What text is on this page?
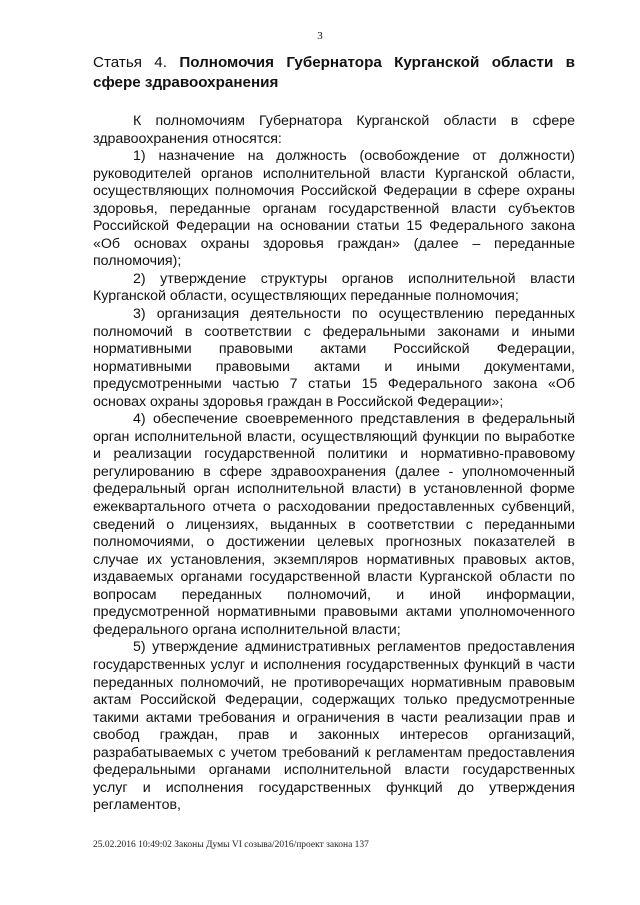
3
Статья 4. Полномочия Губернатора Курганской области в сфере здравоохранения

К полномочиям Губернатора Курганской области в сфере здравоохранения относятся:

1) назначение на должность (освобождение от должности) руководителей органов исполнительной власти Курганской области, осуществляющих полномочия Российской Федерации в сфере охраны здоровья, переданные органам государственной власти субъектов Российской Федерации на основании статьи 15 Федерального закона «Об основах охраны здоровья граждан» (далее – переданные полномочия);

2) утверждение структуры органов исполнительной власти Курганской области, осуществляющих переданные полномочия;

3) организация деятельности по осуществлению переданных полномочий в соответствии с федеральными законами и иными нормативными правовыми актами Российской Федерации, нормативными правовыми актами и иными документами, предусмотренными частью 7 статьи 15 Федерального закона «Об основах охраны здоровья граждан в Российской Федерации»;

4) обеспечение своевременного представления в федеральный орган исполнительной власти, осуществляющий функции по выработке и реализации государственной политики и нормативно-правовому регулированию в сфере здравоохранения (далее - уполномоченный федеральный орган исполнительной власти) в установленной форме ежеквартального отчета о расходовании предоставленных субвенций, сведений о лицензиях, выданных в соответствии с переданными полномочиями, о достижении целевых прогнозных показателей в случае их установления, экземпляров нормативных правовых актов, издаваемых органами государственной власти Курганской области по вопросам переданных полномочий, и иной информации, предусмотренной нормативными правовыми актами уполномоченного федерального органа исполнительной власти;

5) утверждение административных регламентов предоставления государственных услуг и исполнения государственных функций в части переданных полномочий, не противоречащих нормативным правовым актам Российской Федерации, содержащих только предусмотренные такими актами требования и ограничения в части реализации прав и свобод граждан, прав и законных интересов организаций, разрабатываемых с учетом требований к регламентам предоставления федеральными органами исполнительной власти государственных услуг и исполнения государственных функций до утверждения регламентов,

25.02.2016 10:49:02 Законы Думы VI созыва/2016/проект закона 137
